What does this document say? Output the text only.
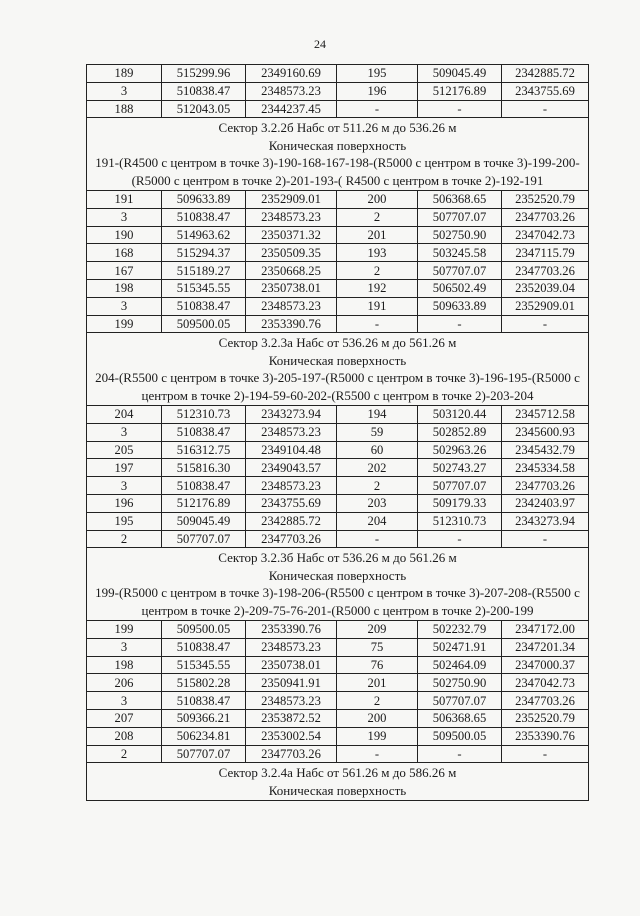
24
189	515299.96	2349160.69	195	509045.49	2342885.72
3	510838.47	2348573.23	196	512176.89	2343755.69
188	512043.05	2344237.45	-	-	-

Сектор 3.2.2б Набс от 511.26 м до 536.26 м
Коническая поверхность
191-(R4500 с центром в точке 3)-190-168-167-198-(R5000 с центром в точке 3)-199-200-(R5000 с центром в точке 2)-201-193-( R4500 с центром в точке 2)-192-191					

191	509633.89	2352909.01	200	506368.65	2352520.79
3	510838.47	2348573.23	2	507707.07	2347703.26
190	514963.62	2350371.32	201	502750.90	2347042.73
168	515294.37	2350509.35	193	503245.58	2347115.79
167	515189.27	2350668.25	2	507707.07	2347703.26
198	515345.55	2350738.01	192	506502.49	2352039.04
3	510838.47	2348573.23	191	509633.89	2352909.01
199	509500.05	2353390.76	-	-	-

Сектор 3.2.3а Набс от 536.26 м до 561.26 м
Коническая поверхность
204-(R5500 с центром в точке 3)-205-197-(R5000 с центром в точке 3)-196-195-(R5000 с центром в точке 2)-194-59-60-202-(R5500 с центром в точке 2)-203-204					

204	512310.73	2343273.94	194	503120.44	2345712.58
3	510838.47	2348573.23	59	502852.89	2345600.93
205	516312.75	2349104.48	60	502963.26	2345432.79
197	515816.30	2349043.57	202	502743.27	2345334.58
3	510838.47	2348573.23	2	507707.07	2347703.26
196	512176.89	2343755.69	203	509179.33	2342403.97
195	509045.49	2342885.72	204	512310.73	2343273.94
2	507707.07	2347703.26	-	-	-

Сектор 3.2.3б Набс от 536.26 м до 561.26 м
Коническая поверхность
199-(R5000 с центром в точке 3)-198-206-(R5500 с центром в точке 3)-207-208-(R5500 с центром в точке 2)-209-75-76-201-(R5000 с центром в точке 2)-200-199					

199	509500.05	2353390.76	209	502232.79	2347172.00
3	510838.47	2348573.23	75	502471.91	2347201.34
198	515345.55	2350738.01	76	502464.09	2347000.37
206	515802.28	2350941.91	201	502750.90	2347042.73
3	510838.47	2348573.23	2	507707.07	2347703.26
207	509366.21	2353872.52	200	506368.65	2352520.79
208	506234.81	2353002.54	199	509500.05	2353390.76
2	507707.07	2347703.26	-	-	-

Сектор 3.2.4а Набс от 561.26 м до 586.26 м
Коническая поверхность					
